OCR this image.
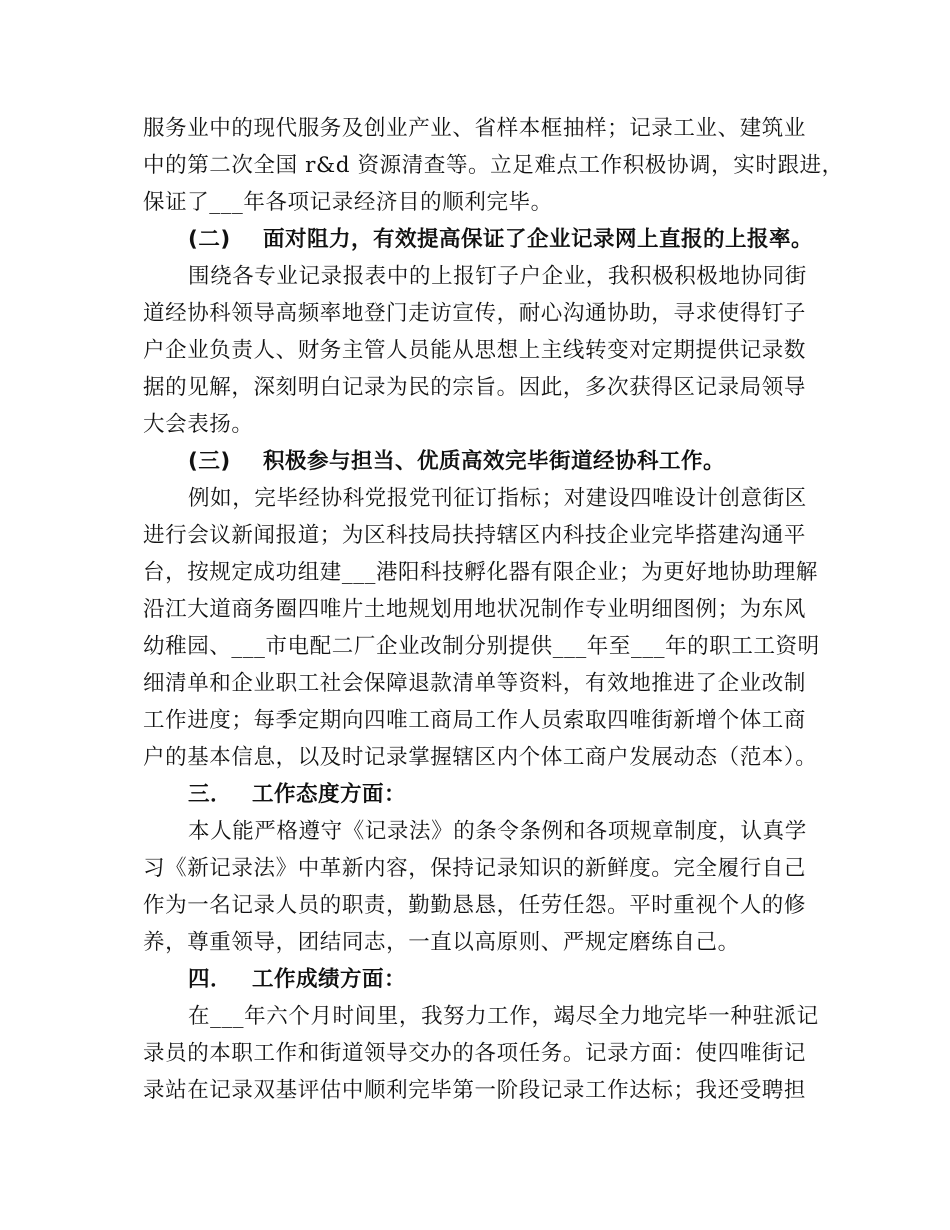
服务业中的现代服务及创业产业、省样本框抽样；记录工业、建筑业
中的第二次全国 r&d 资源清查等。立足难点工作积极协调，实时跟进，
保证了___年各项记录经济目的顺利完毕。
(二) 面对阻力，有效提高保证了企业记录网上直报的上报率。
围绕各专业记录报表中的上报钉子户企业，我积极积极地协同街
道经协科领导高频率地登门走访宣传，耐心沟通协助，寻求使得钉子
户企业负责人、财务主管人员能从思想上主线转变对定期提供记录数
据的见解，深刻明白记录为民的宗旨。因此，多次获得区记录局领导
大会表扬。
(三) 积极参与担当、优质高效完毕街道经协科工作。
例如，完毕经协科党报党刊征订指标；对建设四唯设计创意街区
进行会议新闻报道；为区科技局扶持辖区内科技企业完毕搭建沟通平
台，按规定成功组建___港阳科技孵化器有限企业；为更好地协助理解
沿江大道商务圈四唯片土地规划用地状况制作专业明细图例；为东风
幼稚园、___市电配二厂企业改制分别提供___年至___年的职工工资明
细清单和企业职工社会保障退款清单等资料，有效地推进了企业改制
工作进度；每季定期向四唯工商局工作人员索取四唯街新增个体工商
户的基本信息，以及时记录掌握辖区内个体工商户发展动态（范本）。
三． 工作态度方面：
本人能严格遵守《记录法》的条令条例和各项规章制度，认真学
习《新记录法》中革新内容，保持记录知识的新鲜度。完全履行自己
作为一名记录人员的职责，勤勤恳恳，任劳任怨。平时重视个人的修
养，尊重领导，团结同志，一直以高原则、严规定磨练自己。
四． 工作成绩方面：
在___年六个月时间里，我努力工作，竭尽全力地完毕一种驻派记
录员的本职工作和街道领导交办的各项任务。记录方面：使四唯街记
录站在记录双基评估中顺利完毕第一阶段记录工作达标；我还受聘担
